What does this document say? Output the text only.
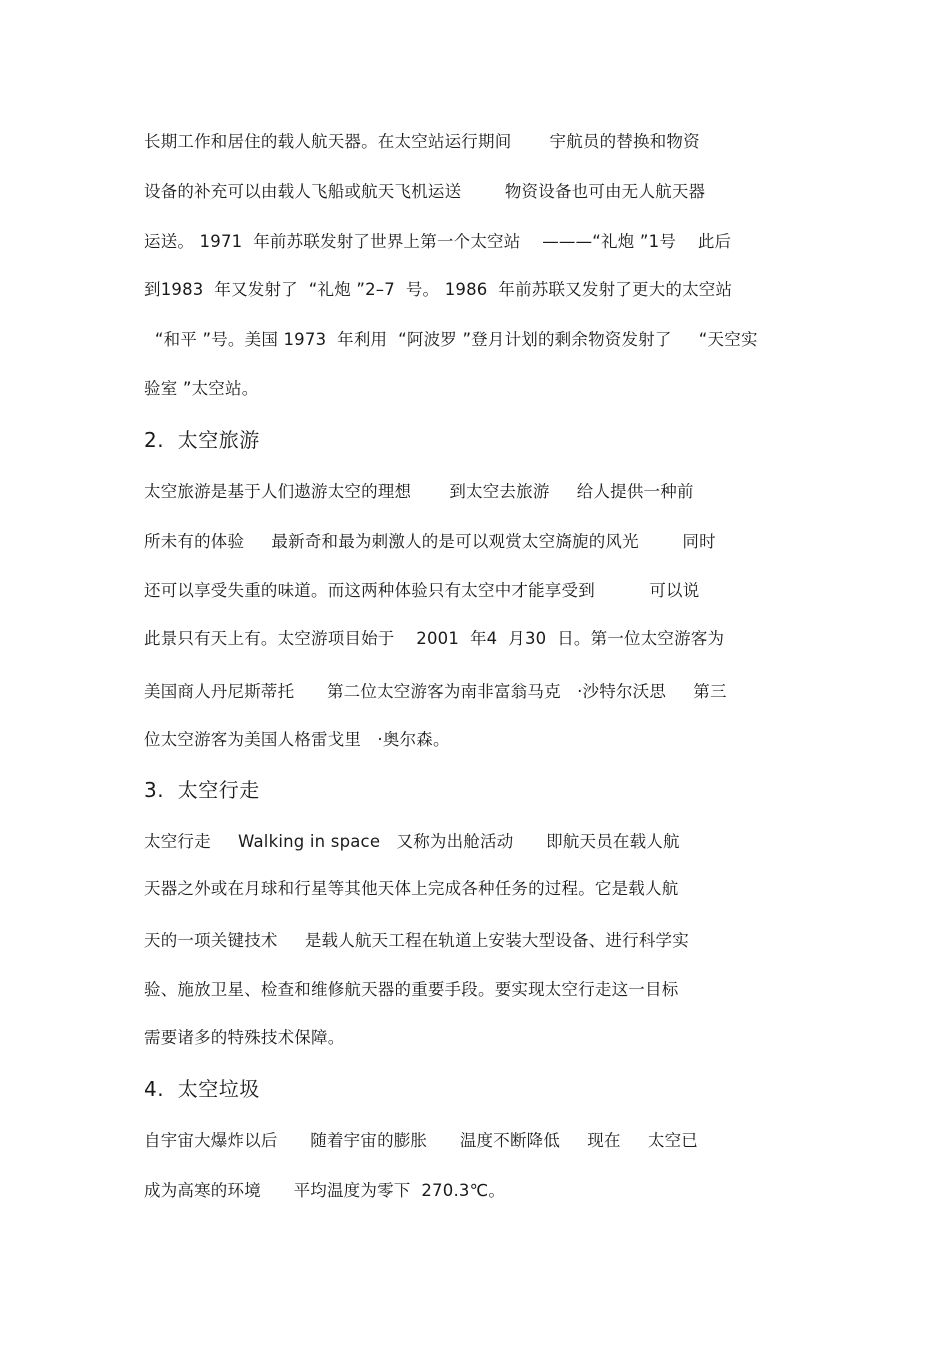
长期工作和居住的载人航天器。在太空站运行期间       宇航员的替换和物资
设备的补充可以由载人飞船或航天飞机运送        物资设备也可由无人航天器
运送。 1971  年前苏联发射了世界上第一个太空站    ———“礼炮 ”1号    此后
到1983  年又发射了  “礼炮 ”2–7  号。 1986  年前苏联又发射了更大的太空站
“和平 ”号。美国 1973  年利用  “阿波罗 ”登月计划的剩余物资发射了     “天空实
验室 ”太空站。
2.  太空旅游
太空旅游是基于人们遨游太空的理想       到太空去旅游     给人提供一种前
所未有的体验     最新奇和最为刺激人的是可以观赏太空旖旎的风光        同时
还可以享受失重的味道。而这两种体验只有太空中才能享受到          可以说
此景只有天上有。太空游项目始于    2001  年4  月30  日。第一位太空游客为
美国商人丹尼斯蒂托      第二位太空游客为南非富翁马克   ·沙特尔沃思     第三
位太空游客为美国人格雷戈里   ·奥尔森。
3.  太空行走
太空行走     Walking in space   又称为出舱活动      即航天员在载人航
天器之外或在月球和行星等其他天体上完成各种任务的过程。它是载人航
天的一项关键技术     是载人航天工程在轨道上安装大型设备、进行科学实
验、施放卫星、检查和维修航天器的重要手段。要实现太空行走这一目标
需要诸多的特殊技术保障。
4.  太空垃圾
自宇宙大爆炸以后      随着宇宙的膨胀      温度不断降低     现在     太空已
成为高寒的环境      平均温度为零下  270.3℃。
